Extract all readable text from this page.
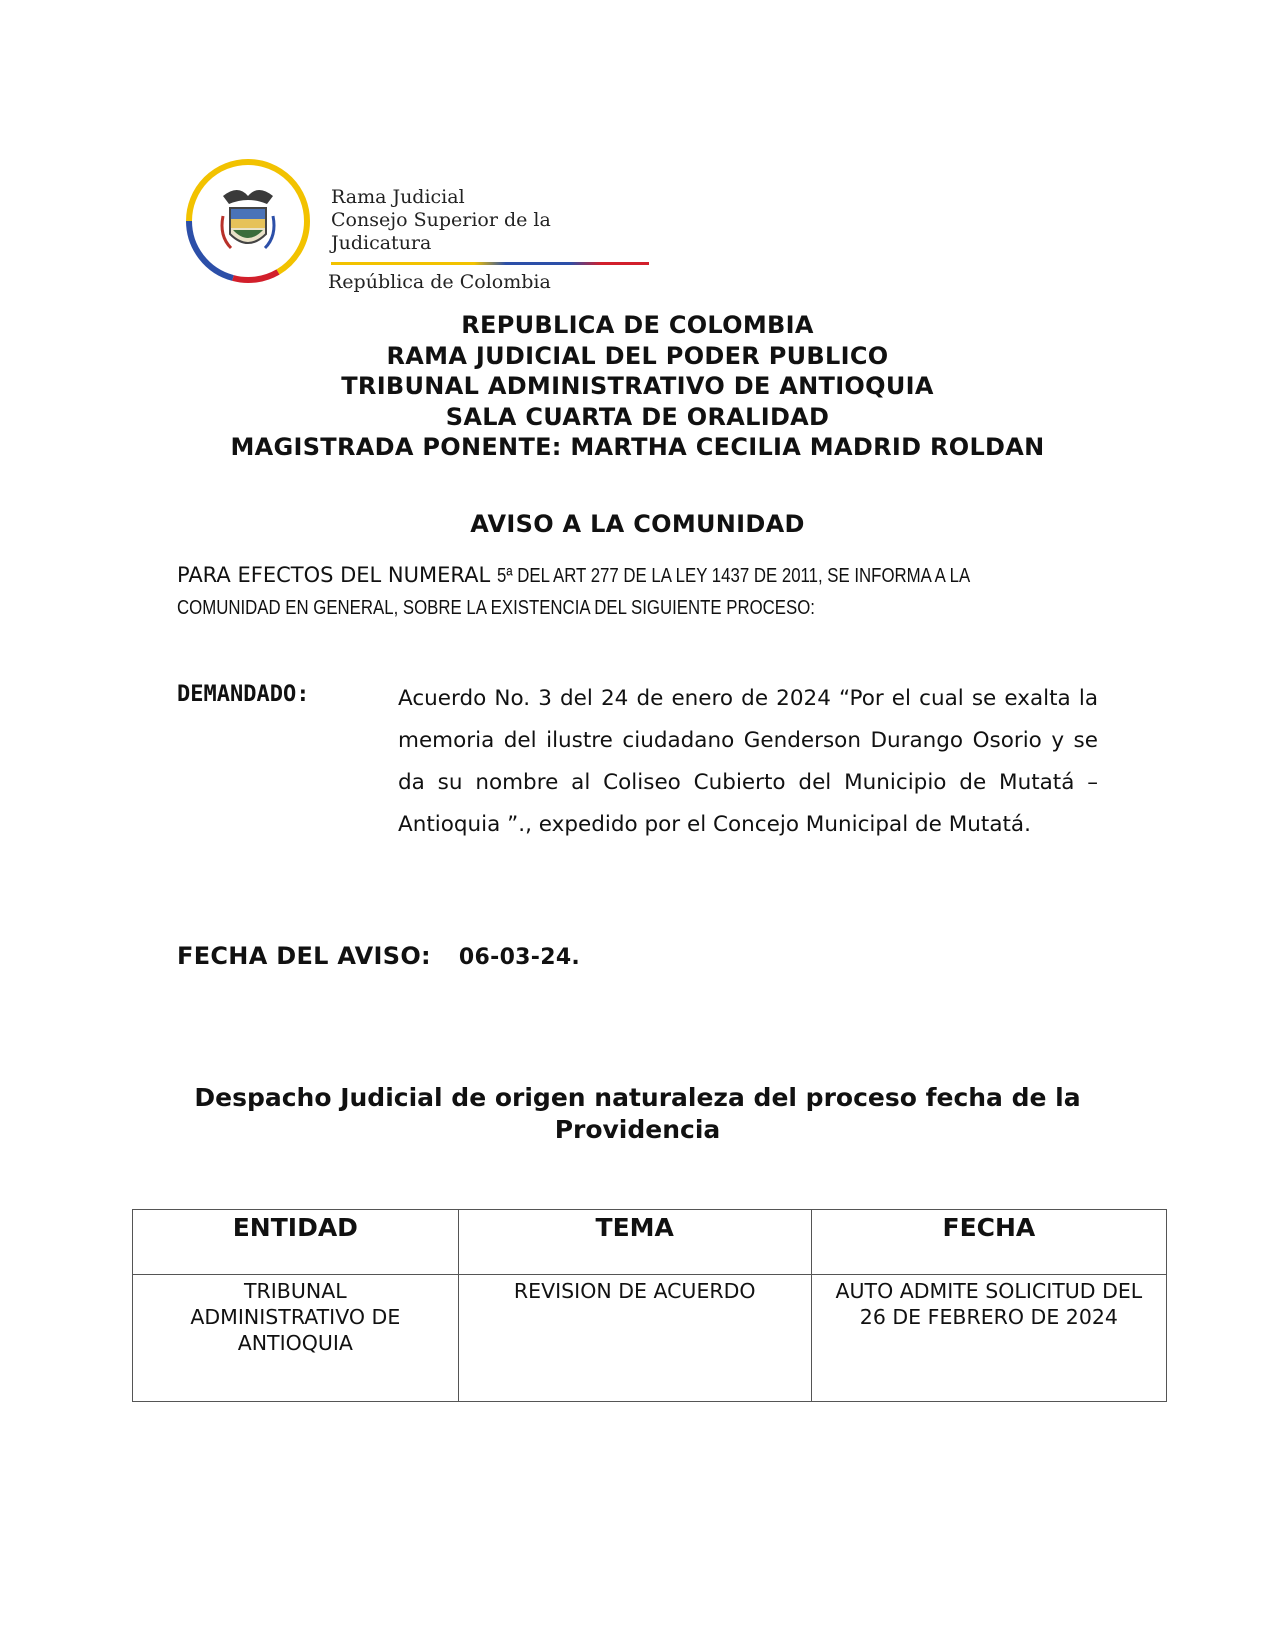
Rama Judicial
Consejo Superior de la Judicatura
República de Colombia
REPUBLICA DE COLOMBIA
RAMA JUDICIAL DEL PODER PUBLICO
TRIBUNAL ADMINISTRATIVO DE ANTIOQUIA
SALA CUARTA DE ORALIDAD
MAGISTRADA PONENTE: MARTHA CECILIA MADRID ROLDAN
AVISO A LA COMUNIDAD
PARA EFECTOS DEL NUMERAL 5ª DEL ART 277 DE LA LEY 1437 DE 2011, SE INFORMA A LA
COMUNIDAD EN GENERAL, SOBRE LA EXISTENCIA DEL SIGUIENTE PROCESO:
DEMANDADO:	Acuerdo No. 3 del 24 de enero de 2024 “Por el cual se exalta la memoria del ilustre ciudadano Genderson Durango Osorio y se da su nombre al Coliseo Cubierto del Municipio de Mutatá – Antioquia ”., expedido por el Concejo Municipal de Mutatá.
FECHA DEL AVISO: 06-03-24.
Despacho Judicial de origen naturaleza del proceso fecha de la Providencia
ENTIDAD	TEMA	FECHA
TRIBUNAL ADMINISTRATIVO DE ANTIOQUIA	REVISION DE ACUERDO	AUTO ADMITE SOLICITUD DEL 26 DE FEBRERO DE 2024
